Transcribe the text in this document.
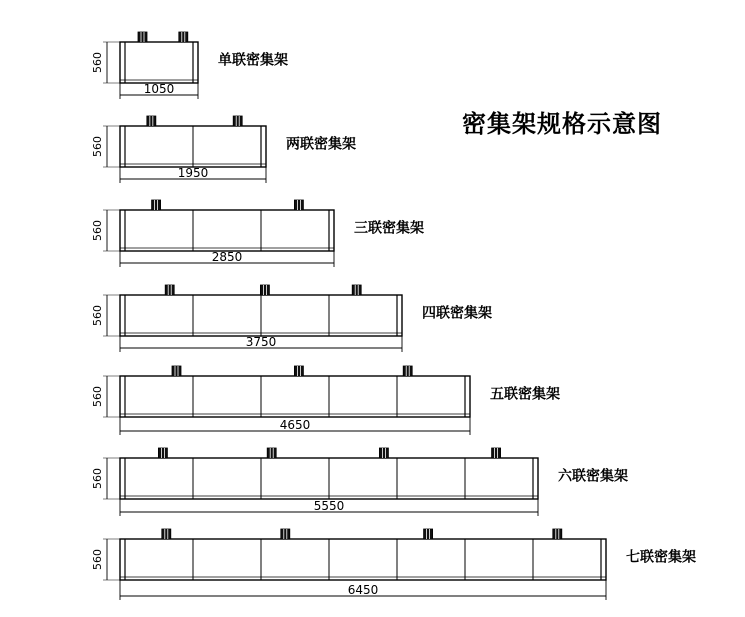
密集架规格示意图
560
1050
单联密集架
560
1950
两联密集架
560
2850
三联密集架
560
3750
四联密集架
560
4650
五联密集架
560
5550
六联密集架
560
6450
七联密集架
